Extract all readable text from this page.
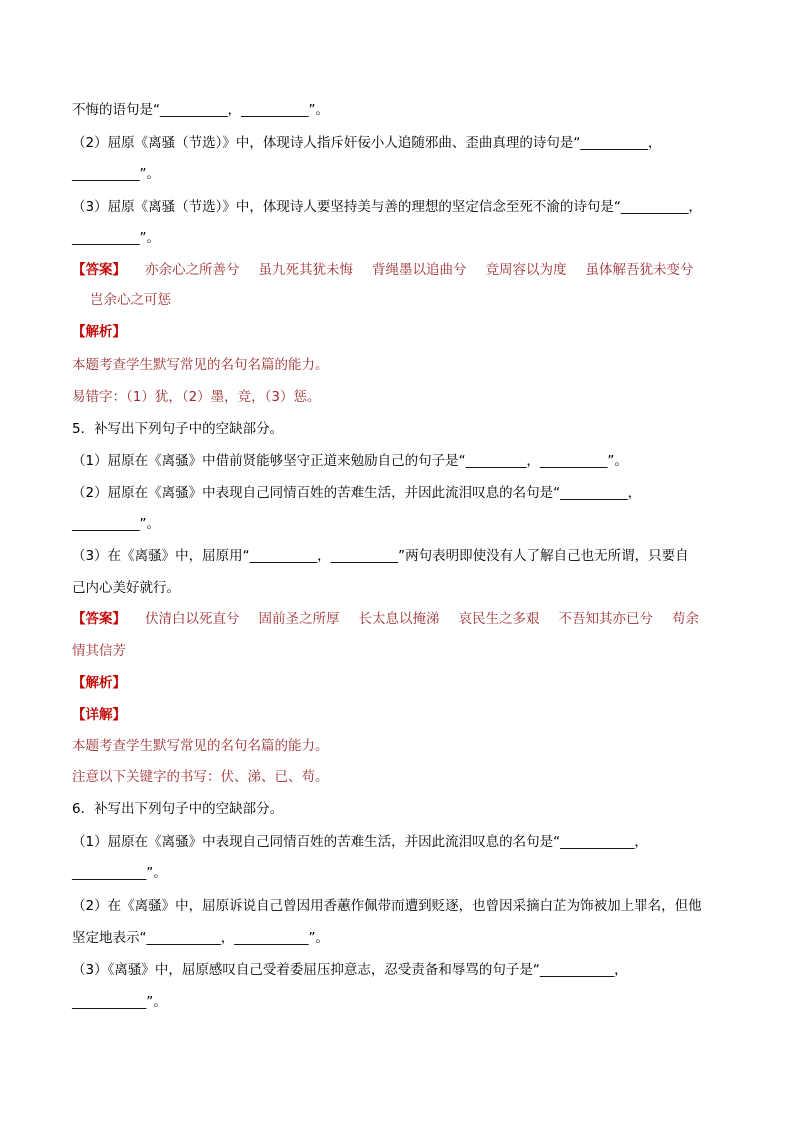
不悔的语句是“__________，__________”。
（2）屈原《离骚（节选）》中，体现诗人指斥奸佞小人追随邪曲、歪曲真理的诗句是“__________，
__________”。
（3）屈原《离骚（节选）》中，体现诗人要坚持美与善的理想的坚定信念至死不渝的诗句是“__________，
__________”。
【答案】 亦余心之所善兮 虽九死其犹未悔 背绳墨以追曲兮 竞周容以为度 虽体解吾犹未变兮
岂余心之可惩
【解析】
本题考查学生默写常见的名句名篇的能力。
易错字：（1）犹，（2）墨，竞，（3）惩。
5．补写出下列句子中的空缺部分。
（1）屈原在《离骚》中借前贤能够坚守正道来勉励自己的句子是“_________，__________”。
（2）屈原在《离骚》中表现自己同情百姓的苦难生活，并因此流泪叹息的名句是“__________，
__________”。
（3）在《离骚》中，屈原用“__________，__________”两句表明即使没有人了解自己也无所谓，只要自
己内心美好就行。
【答案】 伏清白以死直兮 固前圣之所厚 长太息以掩涕 哀民生之多艰 不吾知其亦已兮 苟余
情其信芳
【解析】
【详解】
本题考查学生默写常见的名句名篇的能力。
注意以下关键字的书写：伏、涕、已、苟。
6．补写出下列句子中的空缺部分。
（1）屈原在《离骚》中表现自己同情百姓的苦难生活，并因此流泪叹息的名句是“___________，
___________”。
（2）在《离骚》中，屈原诉说自己曾因用香蕙作佩带而遭到贬逐，也曾因采摘白芷为饰被加上罪名，但他
坚定地表示“___________，___________”。
（3）《离骚》中，屈原感叹自己受着委屈压抑意志，忍受责备和辱骂的句子是“___________，
___________”。
